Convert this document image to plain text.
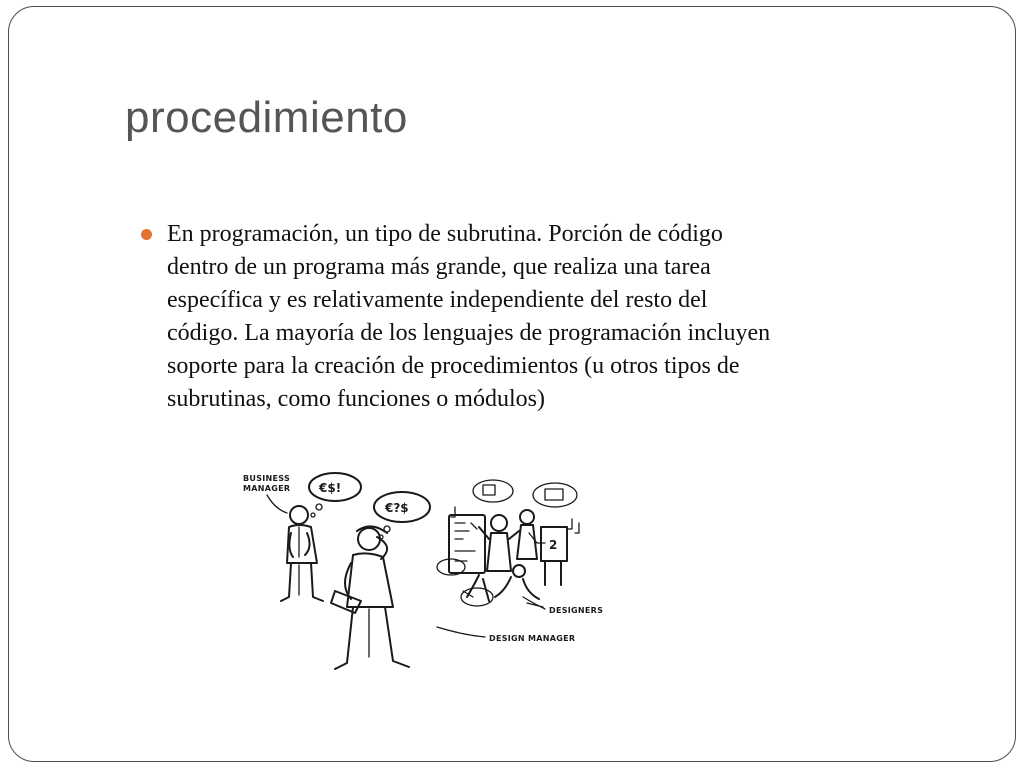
procedimiento
En programación, un tipo de subrutina. Porción de código dentro de un programa más grande, que realiza una tarea específica y es relativamente independiente del resto del código. La mayoría de los lenguajes de programación incluyen soporte para la creación de procedimientos (u otros tipos de subrutinas, como funciones o módulos)
BUSINESS
MANAGER
DESIGNERS
DESIGN MANAGER
€$!
€?$
2
